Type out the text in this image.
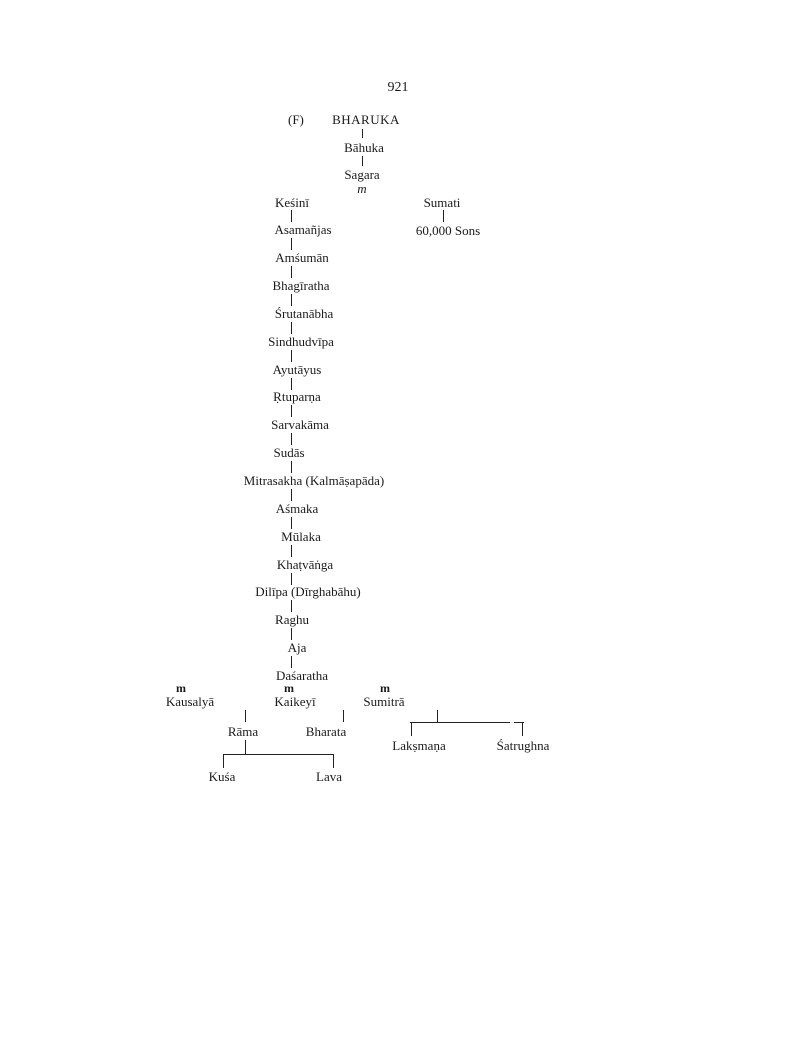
921
(F) BHARUKA
Bāhuka
Sagara
m
Keśinī	Sumati
60,000 Sons
Asamañjas
Amśumān
Bhagīratha
Śrutanābha
Sindhudvīpa
Ayutāyus
Ṛtuparṇa
Sarvakāma
Sudās
Mitrasakha (Kalmāṣapāda)
Aśmaka
Mūlaka
Khaṭvāṅga
Dilīpa (Dīrghabāhu)
Raghu
Aja
Daśaratha
m	m	m
Kausalyā	Kaikeyī	Sumitrā
Rāma	Bharata
Lakṣmaṇa	Śatrughna
Kuśa	Lava
